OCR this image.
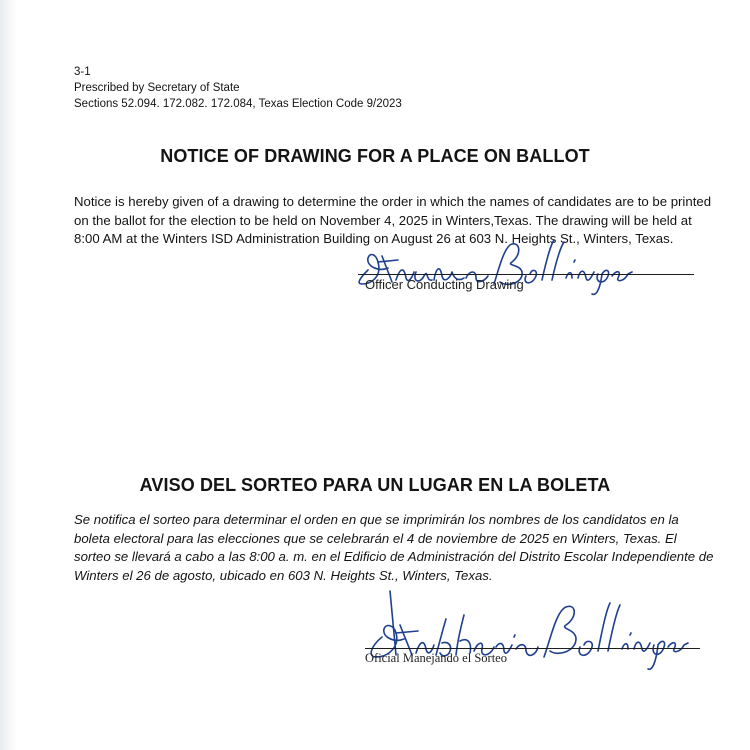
3-1
Prescribed by Secretary of State
Sections 52.094. 172.082. 172.084, Texas Election Code 9/2023
NOTICE OF DRAWING FOR A PLACE ON BALLOT
Notice is hereby given of a drawing to determine the order in which the names of candidates are to be printed on the ballot for the election to be held on November 4, 2025 in Winters,Texas. The drawing will be held at 8:00 AM at the Winters ISD Administration Building on August 26 at 603 N. Heights St., Winters, Texas.
Officer Conducting Drawing
AVISO DEL SORTEO PARA UN LUGAR EN LA BOLETA
Se notifica el sorteo para determinar el orden en que se imprimirán los nombres de los candidatos en la boleta electoral para las elecciones que se celebrarán el 4 de noviembre de 2025 en Winters, Texas. El sorteo se llevará a cabo a las 8:00 a. m. en el Edificio de Administración del Distrito Escolar Independiente de Winters el 26 de agosto, ubicado en 603 N. Heights St., Winters, Texas.
Oficial Manejando el Sorteo
